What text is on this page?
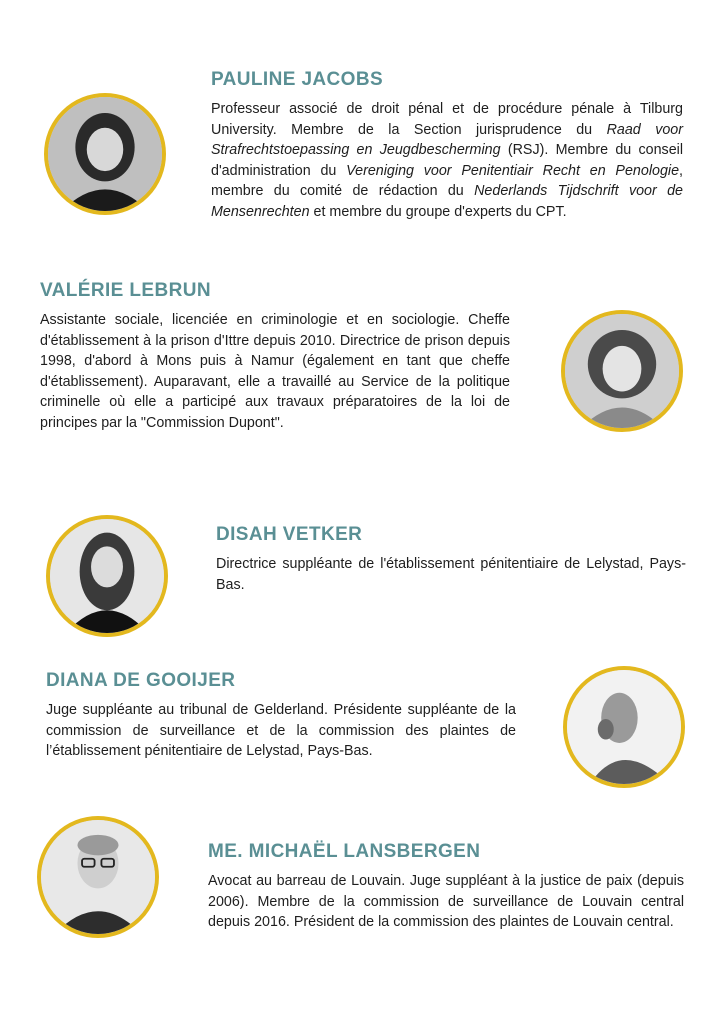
PAULINE JACOBS

Professeur associé de droit pénal et de procédure pénale à Tilburg University. Membre de la Section jurisprudence du Raad voor Strafrechtstoepassing en Jeugdbescherming (RSJ). Membre du conseil d'administration du Vereniging voor Penitentiair Recht en Penologie, membre du comité de rédaction du Nederlands Tijdschrift voor de Mensenrechten et membre du groupe d'experts du CPT.

VALÉRIE LEBRUN

Assistante sociale, licenciée en criminologie et en sociologie. Cheffe d'établissement à la prison d'Ittre depuis 2010. Directrice de prison depuis 1998, d'abord à Mons puis à Namur (également en tant que cheffe d'établissement). Auparavant, elle a travaillé au Service de la politique criminelle où elle a participé aux travaux préparatoires de la loi de principes par la "Commission Dupont".

DISAH VETKER

Directrice suppléante de l'établissement pénitentiaire de Lelystad, Pays-Bas.

DIANA DE GOOIJER

Juge suppléante au tribunal de Gelderland. Présidente suppléante de la commission de surveillance et de la commission des plaintes de l’établissement pénitentiaire de Lelystad, Pays-Bas.

ME. MICHAËL LANSBERGEN

Avocat au barreau de Louvain. Juge suppléant à la justice de paix (depuis 2006). Membre de la commission de surveillance de Louvain central depuis 2016. Président de la commission des plaintes de Louvain central.
